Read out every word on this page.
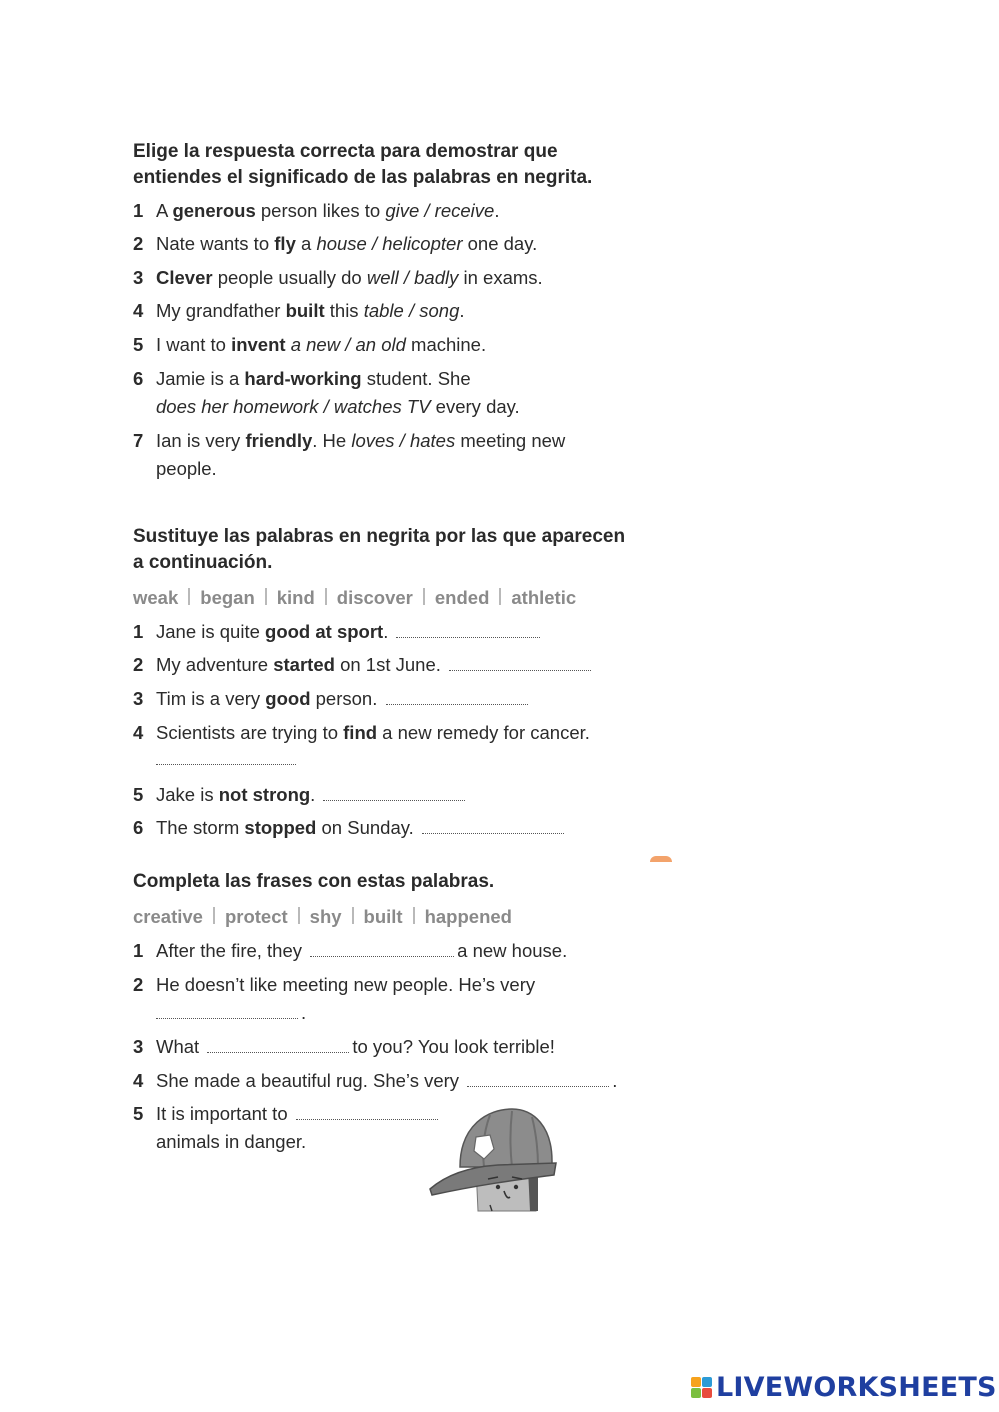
Elige la respuesta correcta para demostrar que
entiendes el significado de las palabras en negrita.
1 A generous person likes to give / receive.
2 Nate wants to fly a house / helicopter one day.
3 Clever people usually do well / badly in exams.
4 My grandfather built this table / song.
5 I want to invent a new / an old machine.
6 Jamie is a hard-working student. She
does her homework / watches TV every day.
7 Ian is very friendly. He loves / hates meeting new
people.
Sustituye las palabras en negrita por las que aparecen
a continuación.
weak began kind discover ended athletic
1 Jane is quite good at sport.
2 My adventure started on 1st June.
3 Tim is a very good person.
4 Scientists are trying to find a new remedy for cancer.
5 Jake is not strong.
6 The storm stopped on Sunday.
Completa las frases con estas palabras.
creative protect shy built happened
1 After the fire, they	a new house.
2 He doesn’t like meeting new people. He’s very
.
3 What	to you? You look terrible!
4 She made a beautiful rug. She’s very	.
5 It is important to
animals in danger.
LIVEWORKSHEETS
